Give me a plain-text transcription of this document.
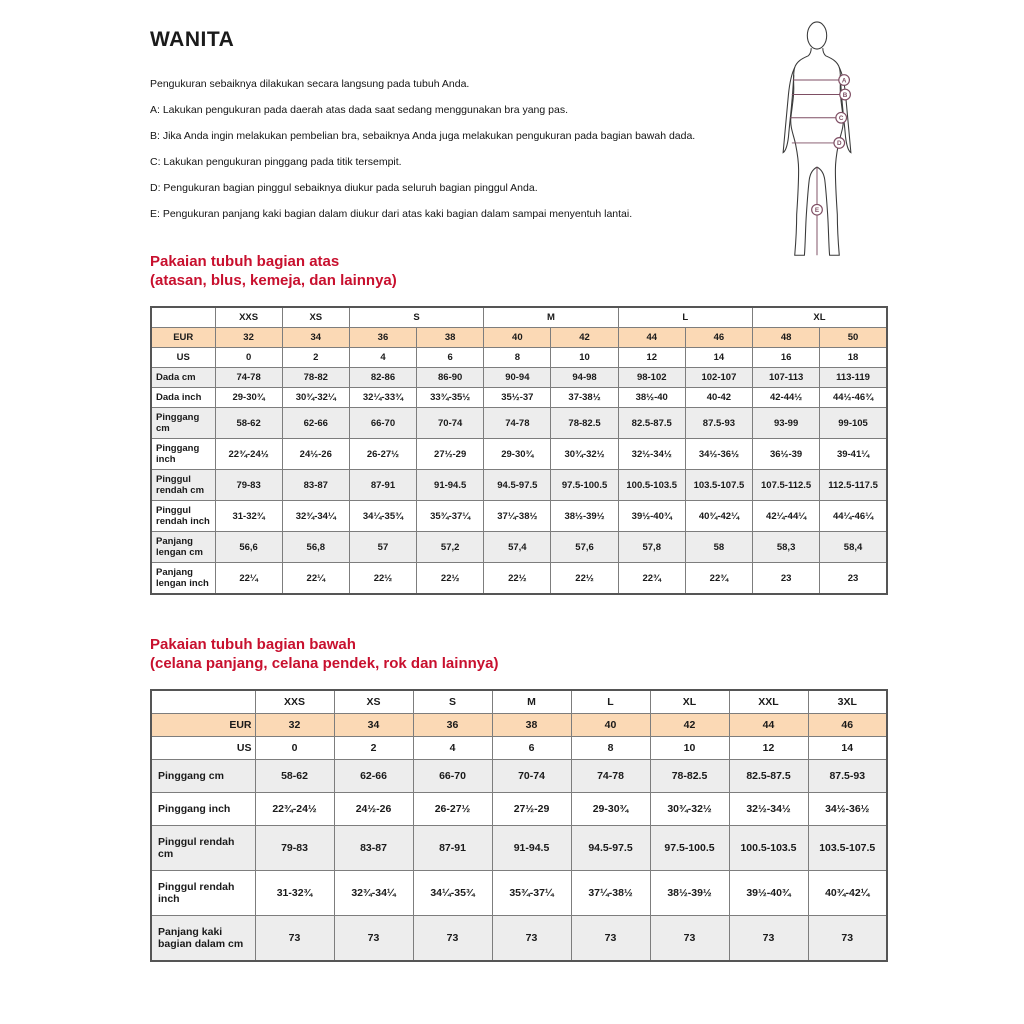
WANITA
Pengukuran sebaiknya dilakukan secara langsung pada tubuh Anda.
A: Lakukan pengukuran pada daerah atas dada saat sedang menggunakan bra yang pas.
B: Jika Anda ingin melakukan pembelian bra, sebaiknya Anda juga melakukan pengukuran pada bagian bawah dada.
C: Lakukan pengukuran pinggang pada titik tersempit.
D: Pengukuran bagian pinggul sebaiknya diukur pada seluruh bagian pinggul Anda.
E: Pengukuran panjang kaki bagian dalam diukur dari atas kaki bagian dalam sampai menyentuh lantai.
Pakaian tubuh bagian atas
(atasan, blus, kemeja, dan lainnya)
	XXS	XS	S		M		L		XL	
EUR	32	34	36	38	40	42	44	46	48	50
US	0	2	4	6	8	10	12	14	16	18
Dada cm	74-78	78-82	82-86	86-90	90-94	94-98	98-102	102-107	107-113	113-119
Dada inch	29-30¾	30¾-32¼	32¼-33¾	33¾-35½	35½-37	37-38½	38½-40	40-42	42-44½	44½-46¾
Pinggang cm	58-62	62-66	66-70	70-74	74-78	78-82.5	82.5-87.5	87.5-93	93-99	99-105
Pinggang inch	22¾-24½	24½-26	26-27½	27½-29	29-30¾	30¾-32½	32½-34½	34½-36½	36½-39	39-41¼
Pinggul rendah cm	79-83	83-87	87-91	91-94.5	94.5-97.5	97.5-100.5	100.5-103.5	103.5-107.5	107.5-112.5	112.5-117.5
Pinggul rendah inch	31-32¾	32¾-34¼	34¼-35¾	35¾-37¼	37¼-38½	38½-39½	39½-40¾	40¾-42¼	42¼-44¼	44¼-46¼
Panjang lengan cm	56,6	56,8	57	57,2	57,4	57,6	57,8	58	58,3	58,4
Panjang lengan inch	22¼	22¼	22½	22½	22½	22½	22¾	22¾	23	23
Pakaian tubuh bagian bawah
(celana panjang, celana pendek, rok dan lainnya)
	XXS	XS	S	M	L	XL	XXL	3XL
EUR	32	34	36	38	40	42	44	46
US	0	2	4	6	8	10	12	14
Pinggang cm	58-62	62-66	66-70	70-74	74-78	78-82.5	82.5-87.5	87.5-93
Pinggang inch	22¾-24½	24½-26	26-27½	27½-29	29-30¾	30¾-32½	32½-34½	34½-36½
Pinggul rendah cm	79-83	83-87	87-91	91-94.5	94.5-97.5	97.5-100.5	100.5-103.5	103.5-107.5
Pinggul rendah inch	31-32¾	32¾-34¼	34¼-35¾	35¾-37¼	37¼-38½	38½-39½	39½-40¾	40¾-42¼
Panjang kaki bagian dalam cm	73	73	73	73	73	73	73	73
A
B
C
D
E
